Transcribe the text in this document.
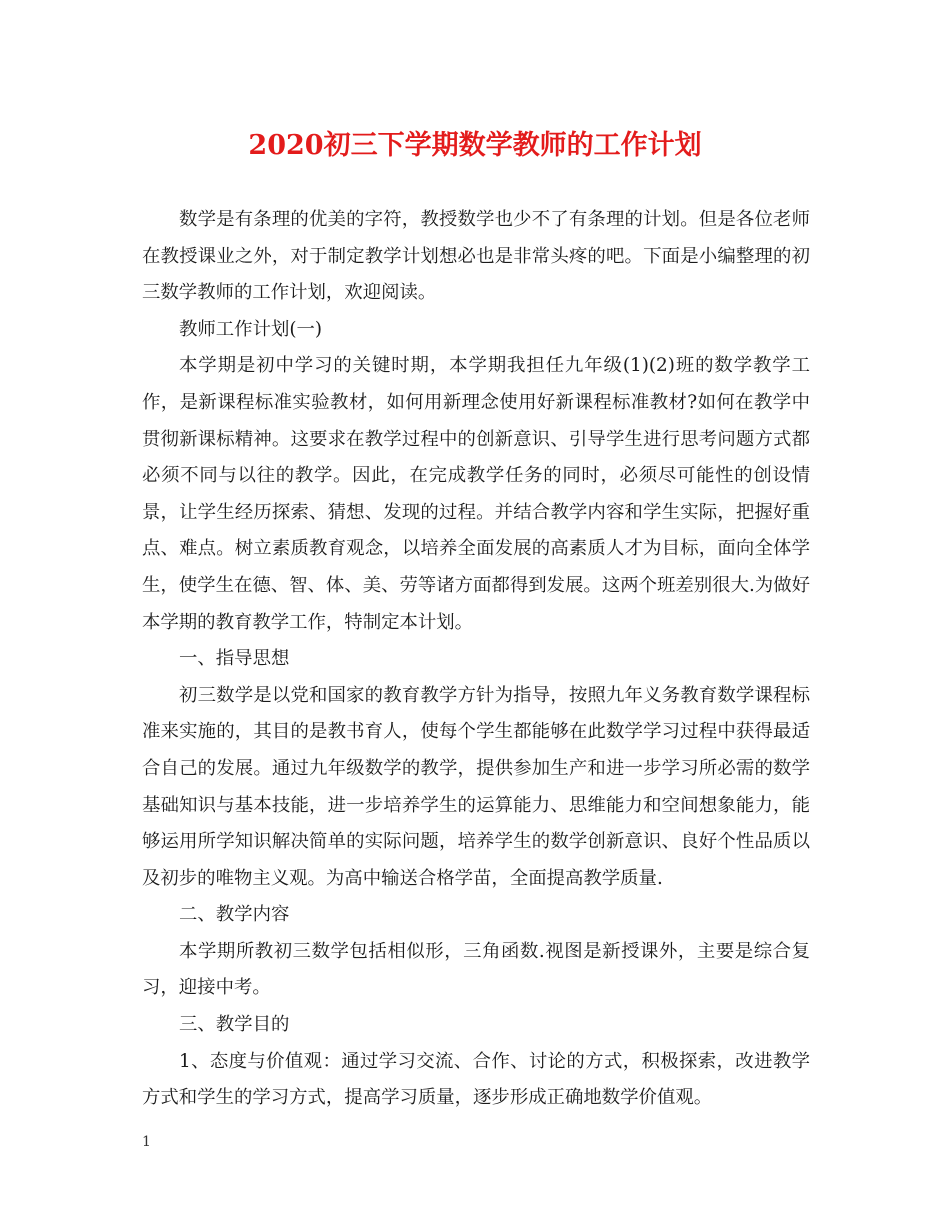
2020初三下学期数学教师的工作计划

数学是有条理的优美的字符，教授数学也少不了有条理的计划。但是各位老师在教授课业之外，对于制定教学计划想必也是非常头疼的吧。下面是小编整理的初三数学教师的工作计划，欢迎阅读。

教师工作计划(一)

本学期是初中学习的关键时期，本学期我担任九年级(1)(2)班的数学教学工作，是新课程标准实验教材，如何用新理念使用好新课程标准教材?如何在教学中贯彻新课标精神。这要求在教学过程中的创新意识、引导学生进行思考问题方式都必须不同与以往的教学。因此，在完成教学任务的同时，必须尽可能性的创设情景，让学生经历探索、猜想、发现的过程。并结合教学内容和学生实际，把握好重点、难点。树立素质教育观念，以培养全面发展的高素质人才为目标，面向全体学生，使学生在德、智、体、美、劳等诸方面都得到发展。这两个班差别很大.为做好本学期的教育教学工作，特制定本计划。

一、指导思想

初三数学是以党和国家的教育教学方针为指导，按照九年义务教育数学课程标准来实施的，其目的是教书育人，使每个学生都能够在此数学学习过程中获得最适合自己的发展。通过九年级数学的教学，提供参加生产和进一步学习所必需的数学基础知识与基本技能，进一步培养学生的运算能力、思维能力和空间想象能力，能够运用所学知识解决简单的实际问题，培养学生的数学创新意识、良好个性品质以及初步的唯物主义观。为高中输送合格学苗，全面提高教学质量.

二、教学内容

本学期所教初三数学包括相似形，三角函数.视图是新授课外，主要是综合复习，迎接中考。

三、教学目的

1、态度与价值观：通过学习交流、合作、讨论的方式，积极探索，改进教学方式和学生的学习方式，提高学习质量，逐步形成正确地数学价值观。

1
